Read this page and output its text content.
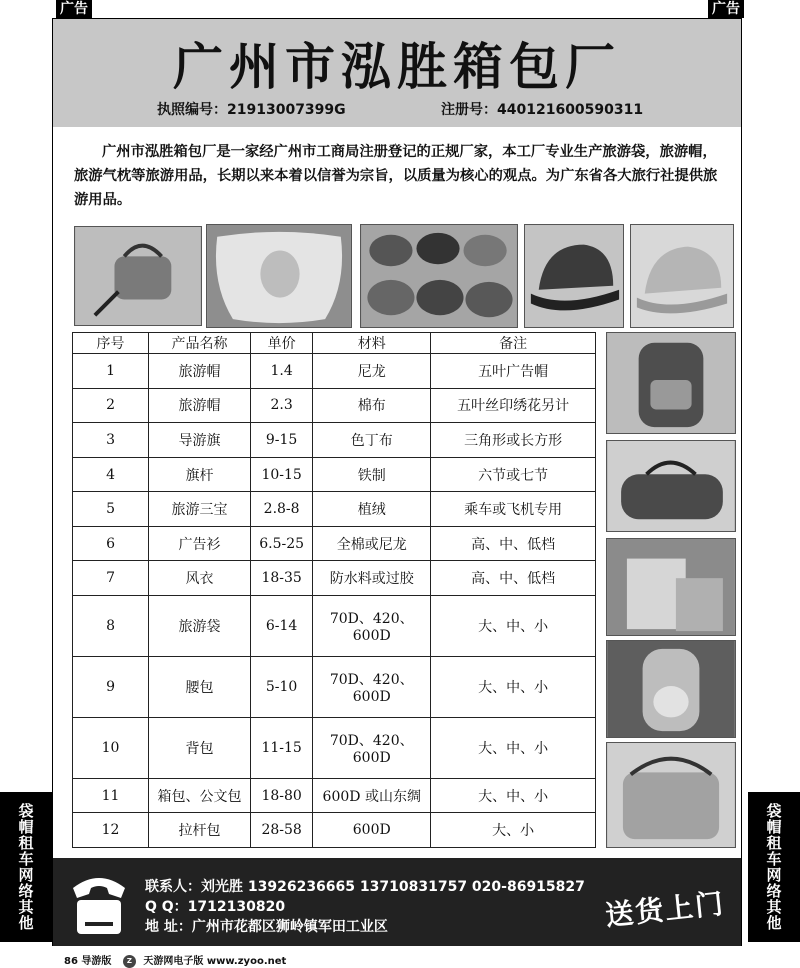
广告	广告
袋帽租车网络其他	袋帽租车网络其他
广州市泓胜箱包厂
执照编号：21913007399G	注册号：440121600590311
广州市泓胜箱包厂是一家经广州市工商局注册登记的正规厂家，本工厂专业生产旅游袋，旅游帽，旅游气枕等旅游用品，长期以来本着以信誉为宗旨，以质量为核心的观点。为广东省各大旅行社提供旅游用品。
序号	产品名称	单价	材料	备注
1	旅游帽	1.4	尼龙	五叶广告帽
2	旅游帽	2.3	棉布	五叶丝印绣花另计
3	导游旗	9-15	色丁布	三角形或长方形
4	旗杆	10-15	铁制	六节或七节
5	旅游三宝	2.8-8	植绒	乘车或飞机专用
6	广告衫	6.5-25	全棉或尼龙	高、中、低档
7	风衣	18-35	防水料或过胶	高、中、低档
8	旅游袋	6-14	70D、420、600D	大、中、小
9	腰包	5-10	70D、420、600D	大、中、小
10	背包	11-15	70D、420、600D	大、中、小
11	箱包、公文包	18-80	600D 或山东绸	大、中、小
12	拉杆包	28-58	600D	大、小
联系人：刘光胜 13926236665 13710831757 020-86915827
Q Q：1712130820
地 址：广州市花都区狮岭镇军田工业区	送货上门
86 导游版 Z 天游网电子版 www.zyoo.net
